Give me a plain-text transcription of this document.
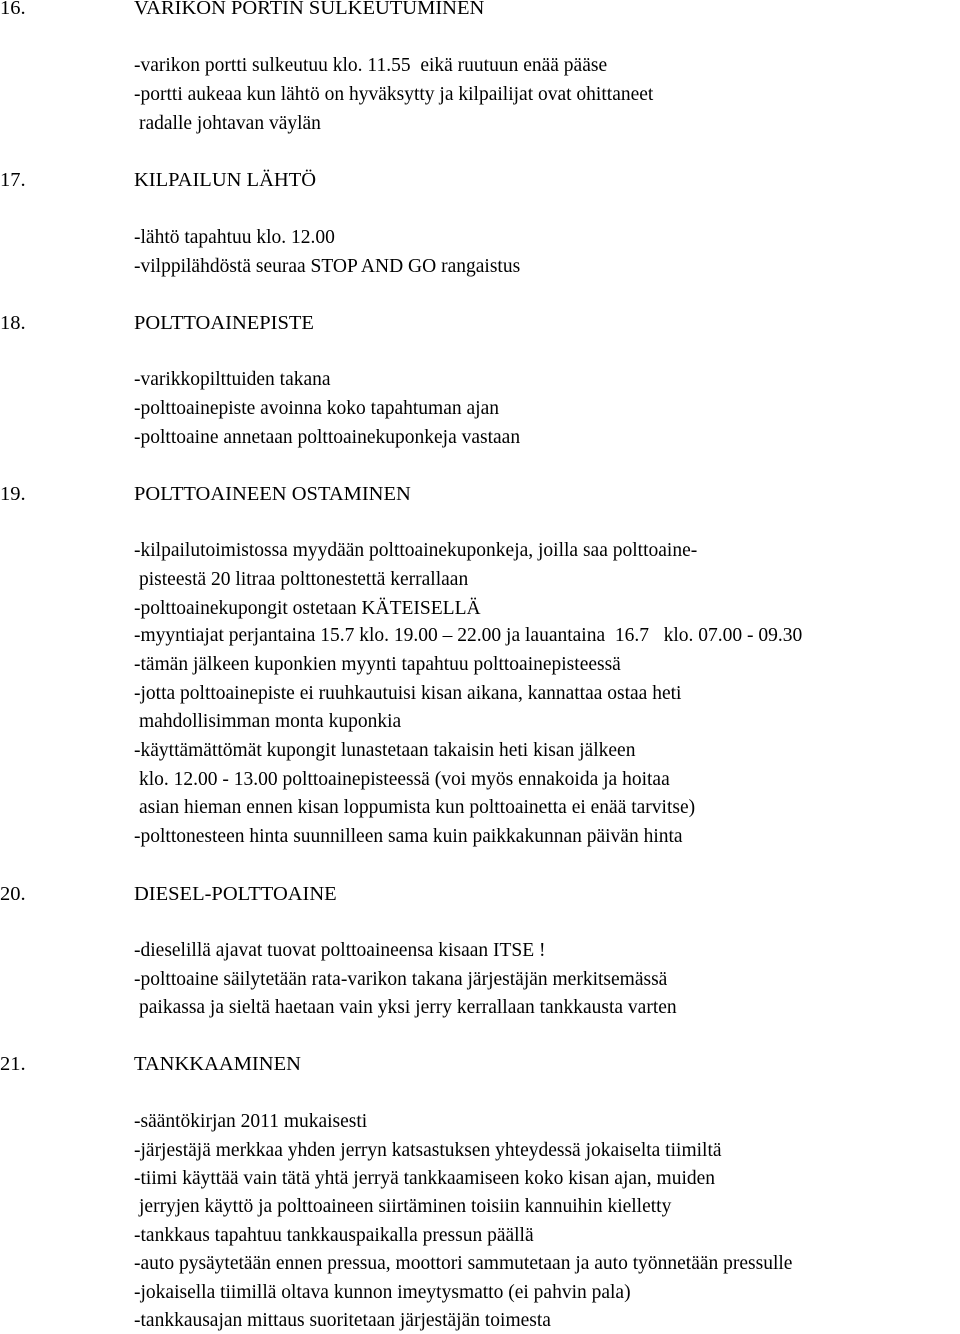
16.

	VARIKON PORTIN SULKEUTUMINEN

-varikon portti sulkeutuu klo. 11.55  eikä ruutuun enää pääse
-portti aukeaa kun lähtö on hyväksytty ja kilpailijat ovat ohittaneet
radalle johtavan väylän

17.

	KILPAILUN LÄHTÖ

-lähtö tapahtuu klo. 12.00
-vilppilähdöstä seuraa STOP AND GO rangaistus

18.

	POLTTOAINEPISTE

-varikkopilttuiden takana
-polttoainepiste avoinna koko tapahtuman ajan
-polttoaine annetaan polttoainekuponkeja vastaan

19.

	POLTTOAINEEN OSTAMINEN

-kilpailutoimistossa myydään polttoainekuponkeja, joilla saa polttoaine-
pisteestä 20 litraa polttonestettä kerrallaan
-polttoainekupongit ostetaan KÄTEISELLÄ
-myyntiajat perjantaina 15.7 klo. 19.00 – 22.00 ja lauantaina  16.7   klo. 07.00 - 09.30
-tämän jälkeen kuponkien myynti tapahtuu polttoainepisteessä
-jotta polttoainepiste ei ruuhkautuisi kisan aikana, kannattaa ostaa heti
mahdollisimman monta kuponkia
-käyttämättömät kupongit lunastetaan takaisin heti kisan jälkeen
klo. 12.00 - 13.00 polttoainepisteessä (voi myös ennakoida ja hoitaa
asian hieman ennen kisan loppumista kun polttoainetta ei enää tarvitse)
-polttonesteen hinta suunnilleen sama kuin paikkakunnan päivän hinta

20.

	DIESEL-POLTTOAINE

-dieselillä ajavat tuovat polttoaineensa kisaan ITSE !
-polttoaine säilytetään rata-varikon takana järjestäjän merkitsemässä
paikassa ja sieltä haetaan vain yksi jerry kerrallaan tankkausta varten

21.

	TANKKAAMINEN

-sääntökirjan 2011 mukaisesti
-järjestäjä merkkaa yhden jerryn katsastuksen yhteydessä jokaiselta tiimiltä
-tiimi käyttää vain tätä yhtä jerryä tankkaamiseen koko kisan ajan, muiden
jerryjen käyttö ja polttoaineen siirtäminen toisiin kannuihin kielletty
-tankkaus tapahtuu tankkauspaikalla pressun päällä
-auto pysäytetään ennen pressua, moottori sammutetaan ja auto työnnetään pressulle
-jokaisella tiimillä oltava kunnon imeytysmatto (ei pahvin pala)
-tankkausajan mittaus suoritetaan järjestäjän toimesta
